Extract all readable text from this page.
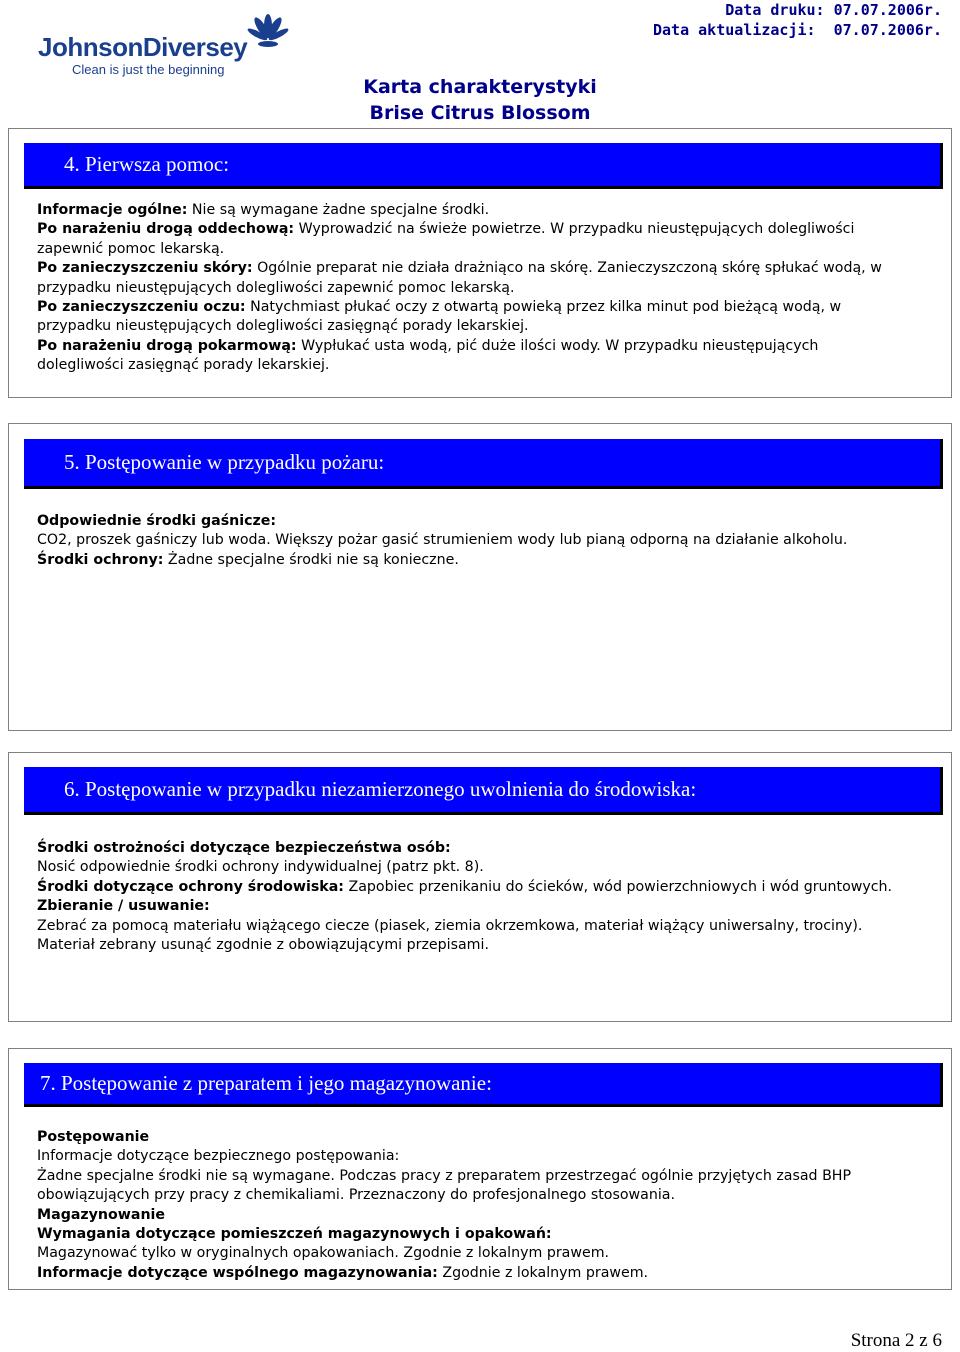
JohnsonDiversey
Clean is just the beginning
Data druku: 07.07.2006r.
Data aktualizacji: 07.07.2006r.
Karta charakterystyki
Brise Citrus Blossom
4. Pierwsza pomoc:

Informacje ogólne: Nie są wymagane żadne specjalne środki.

Po narażeniu drogą oddechową: Wyprowadzić na świeże powietrze. W przypadku nieustępujących dolegliwości zapewnić pomoc lekarską.

Po zanieczyszczeniu skóry: Ogólnie preparat nie działa drażniąco na skórę. Zanieczyszczoną skórę spłukać wodą, w przypadku nieustępujących dolegliwości zapewnić pomoc lekarską.

Po zanieczyszczeniu oczu: Natychmiast płukać oczy z otwartą powieką przez kilka minut pod bieżącą wodą, w przypadku nieustępujących dolegliwości zasięgnąć porady lekarskiej.

Po narażeniu drogą pokarmową: Wypłukać usta wodą, pić duże ilości wody. W przypadku nieustępujących dolegliwości zasięgnąć porady lekarskiej.

5. Postępowanie w przypadku pożaru:

Odpowiednie środki gaśnicze:

CO2, proszek gaśniczy lub woda. Większy pożar gasić strumieniem wody lub pianą odporną na działanie alkoholu.

Środki ochrony: Żadne specjalne środki nie są konieczne.

6. Postępowanie w przypadku niezamierzonego uwolnienia do środowiska:

Środki ostrożności dotyczące bezpieczeństwa osób:

Nosić odpowiednie środki ochrony indywidualnej (patrz pkt. 8).

Środki dotyczące ochrony środowiska: Zapobiec przenikaniu do ścieków, wód powierzchniowych i wód gruntowych.

Zbieranie / usuwanie:

Zebrać za pomocą materiału wiążącego ciecze (piasek, ziemia okrzemkowa, materiał wiążący uniwersalny, trociny). Materiał zebrany usunąć zgodnie z obowiązującymi przepisami.

7. Postępowanie z preparatem i jego magazynowanie:

Postępowanie

Informacje dotyczące bezpiecznego postępowania:

Żadne specjalne środki nie są wymagane. Podczas pracy z preparatem przestrzegać ogólnie przyjętych zasad BHP obowiązujących przy pracy z chemikaliami. Przeznaczony do profesjonalnego stosowania.

Magazynowanie

Wymagania dotyczące pomieszczeń magazynowych i opakowań:

Magazynować tylko w oryginalnych opakowaniach. Zgodnie z lokalnym prawem.

Informacje dotyczące wspólnego magazynowania: Zgodnie z lokalnym prawem.

Strona 2 z 6
